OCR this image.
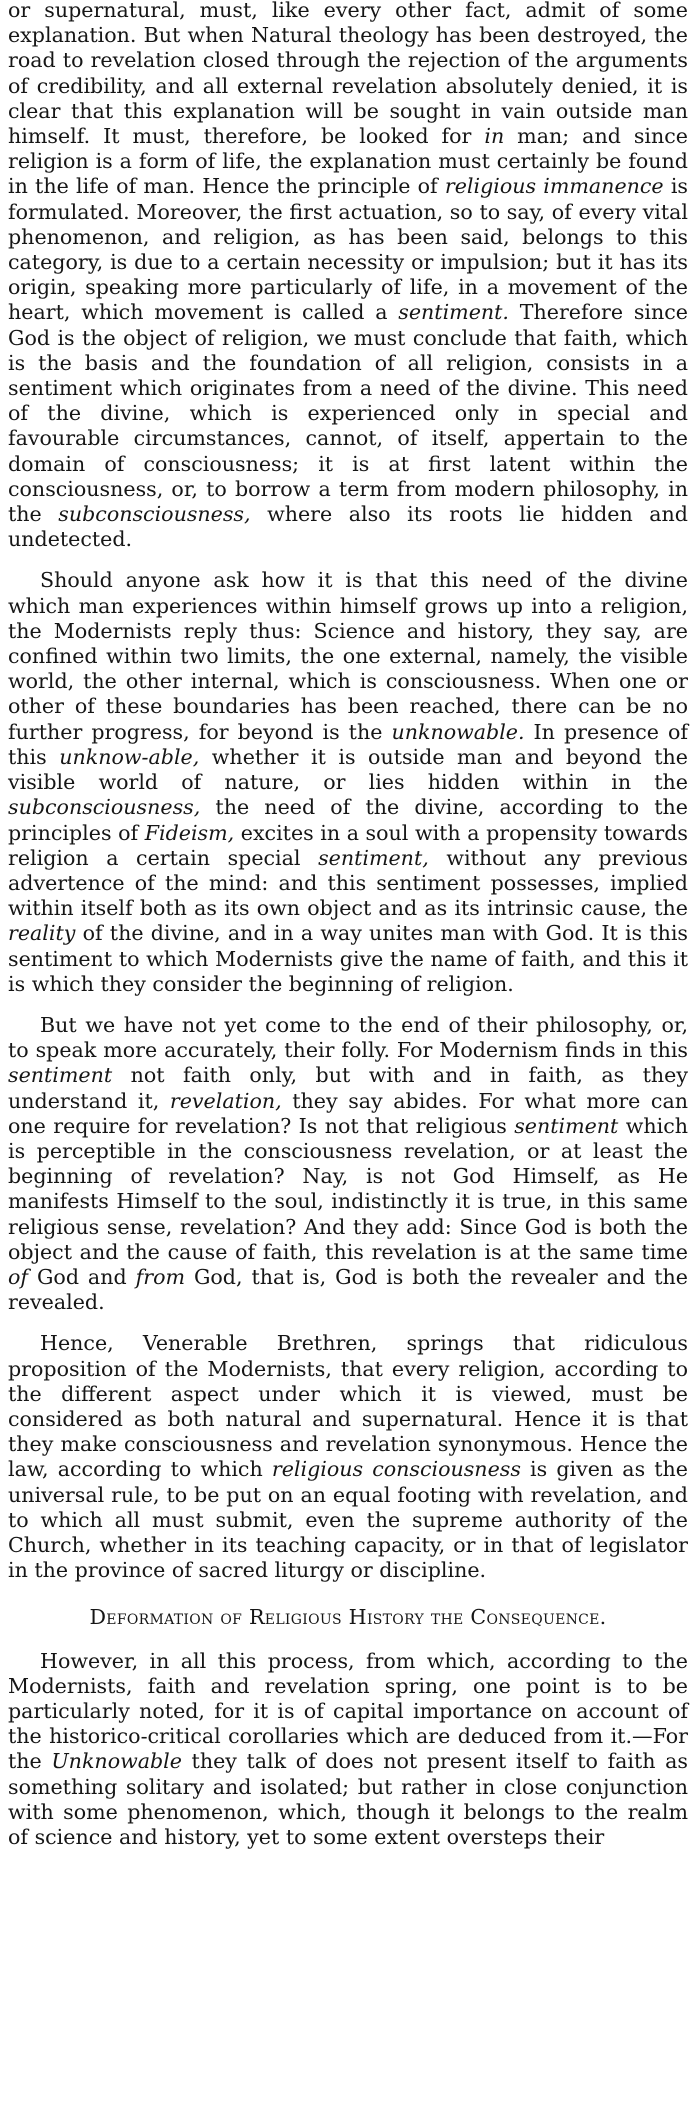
or supernatural, must, like every other fact, admit of some explanation. But when Natural theology has been destroyed, the road to revelation closed through the rejection of the arguments of credibility, and all external revelation absolutely denied, it is clear that this explanation will be sought in vain outside man himself. It must, therefore, be looked for in man; and since religion is a form of life, the explanation must certainly be found in the life of man. Hence the principle of religious immanence is formulated. Moreover, the first actuation, so to say, of every vital phenomenon, and religion, as has been said, belongs to this category, is due to a certain necessity or impulsion; but it has its origin, speaking more particularly of life, in a movement of the heart, which movement is called a sentiment. Therefore since God is the object of religion, we must conclude that faith, which is the basis and the foundation of all religion, consists in a sentiment which originates from a need of the divine. This need of the divine, which is experienced only in special and favourable circumstances, cannot, of itself, appertain to the domain of consciousness; it is at first latent within the consciousness, or, to borrow a term from modern philosophy, in the subconsciousness, where also its roots lie hidden and undetected.

Should anyone ask how it is that this need of the divine which man experiences within himself grows up into a religion, the Modernists reply thus: Science and history, they say, are confined within two limits, the one external, namely, the visible world, the other internal, which is consciousness. When one or other of these boundaries has been reached, there can be no further progress, for beyond is the unknowable. In presence of this unknow-able, whether it is outside man and beyond the visible world of nature, or lies hidden within in the subconsciousness, the need of the divine, according to the principles of Fideism, excites in a soul with a propensity towards religion a certain special sentiment, without any previous advertence of the mind: and this sentiment possesses, implied within itself both as its own object and as its intrinsic cause, the reality of the divine, and in a way unites man with God. It is this sentiment to which Modernists give the name of faith, and this it is which they consider the beginning of religion.

But we have not yet come to the end of their philosophy, or, to speak more accurately, their folly. For Modernism finds in this sentiment not faith only, but with and in faith, as they understand it, revelation, they say abides. For what more can one require for revelation? Is not that religious sentiment which is perceptible in the consciousness revelation, or at least the beginning of revelation? Nay, is not God Himself, as He manifests Himself to the soul, indistinctly it is true, in this same religious sense, revelation? And they add: Since God is both the object and the cause of faith, this revelation is at the same time of God and from God, that is, God is both the revealer and the revealed.

Hence, Venerable Brethren, springs that ridiculous proposition of the Modernists, that every religion, according to the different aspect under which it is viewed, must be considered as both natural and supernatural. Hence it is that they make consciousness and revelation synonymous. Hence the law, according to which religious consciousness is given as the universal rule, to be put on an equal footing with revelation, and to which all must submit, even the supreme authority of the Church, whether in its teaching capacity, or in that of legislator in the province of sacred liturgy or discipline.

Deformation of Religious History the Consequence.

However, in all this process, from which, according to the Modernists, faith and revelation spring, one point is to be particularly noted, for it is of capital importance on account of the historico-critical corollaries which are deduced from it.—For the Unknowable they talk of does not present itself to faith as something solitary and isolated; but rather in close conjunction with some phenomenon, which, though it belongs to the realm of science and history, yet to some extent oversteps their
